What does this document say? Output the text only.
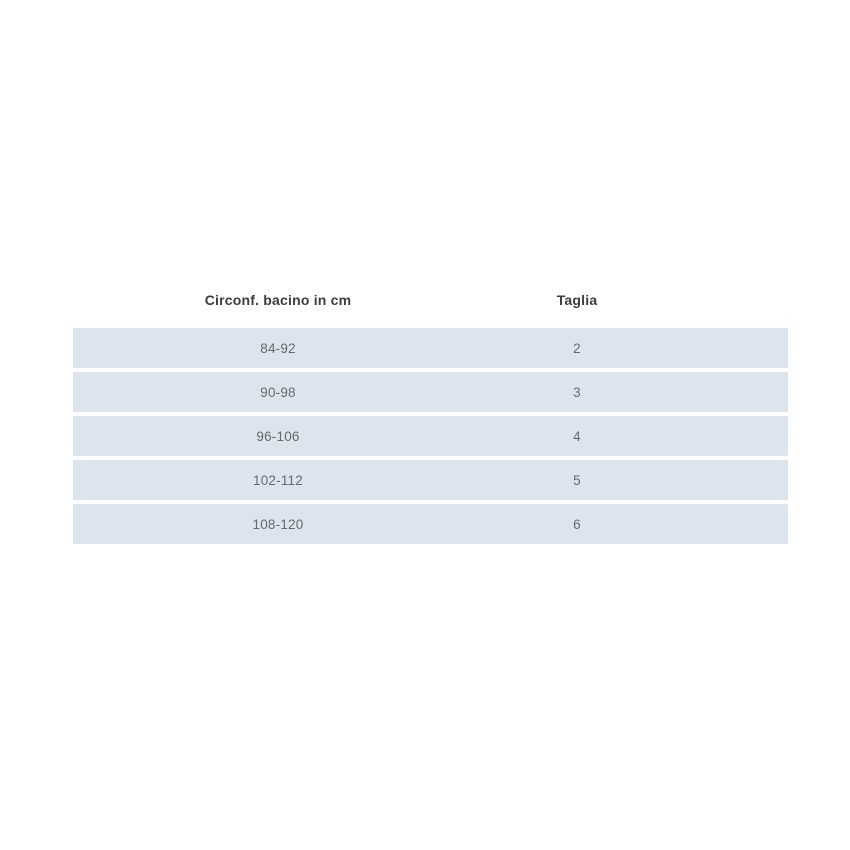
Circonf. bacino in cm	Taglia
84-92	2
90-98	3
96-106	4
102-112	5
108-120	6
